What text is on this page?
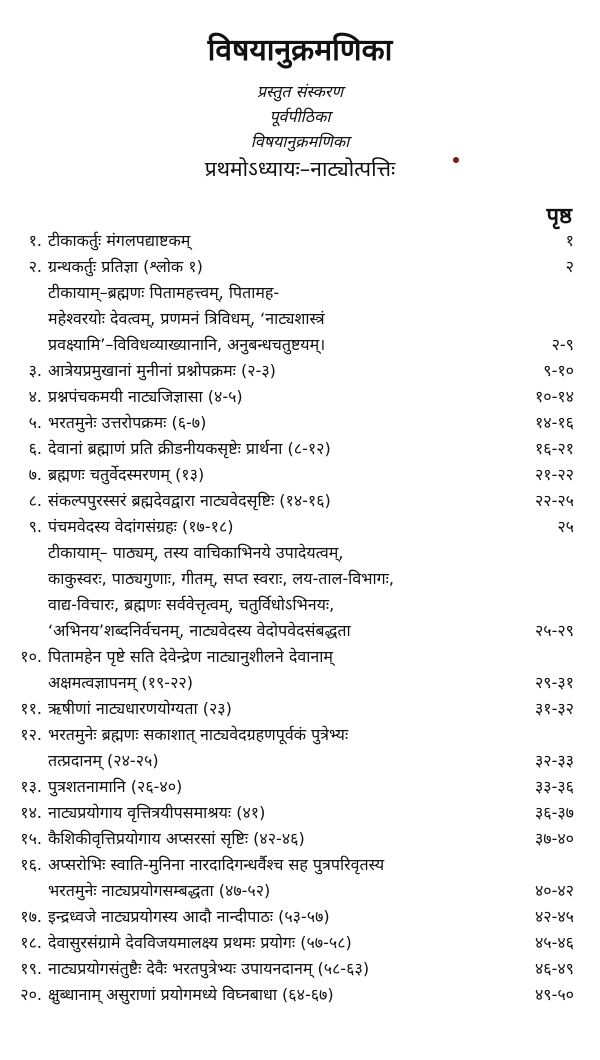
विषयानुक्रमणिका
प्रस्तुत संस्करण
पूर्वपीठिका
विषयानुक्रमणिका
प्रथमोऽध्यायः–नाट्योत्पत्तिः
पृष्ठ
१. टीकाकर्तुः मंगलपद्याष्टकम्	१
२. ग्रन्थकर्तुः प्रतिज्ञा (श्लोक १)	२
टीकायाम्–ब्रह्मणः पितामहत्त्वम्, पितामह-
महेश्वरयोः देवत्वम्, प्रणमनं त्रिविधम्, ‘नाट्यशास्त्रं
प्रवक्ष्यामि’–विविधव्याख्यानानि, अनुबन्धचतुष्टयम्।	२-९
३. आत्रेयप्रमुखानां मुनीनां प्रश्नोपक्रमः (२-३)	९-१०
४. प्रश्नपंचकमयी नाट्यजिज्ञासा (४-५)	१०-१४
५. भरतमुनेः उत्तरोपक्रमः (६-७)	१४-१६
६. देवानां ब्रह्माणं प्रति क्रीडनीयकसृष्टेः प्रार्थना (८-१२)	१६-२१
७. ब्रह्मणः चतुर्वेदस्मरणम् (१३)	२१-२२
८. संकल्पपुरस्सरं ब्रह्मदेवद्वारा नाट्यवेदसृष्टिः (१४-१६)	२२-२५
९. पंचमवेदस्य वेदांगसंग्रहः (१७-१८)	२५
टीकायाम्– पाठ्यम्, तस्य वाचिकाभिनये उपादेयत्वम्,
काकुस्वरः, पाठ्यगुणाः, गीतम्, सप्त स्वराः, लय-ताल-विभागः,
वाद्य-विचारः, ब्रह्मणः सर्ववेत्तृत्वम्, चतुर्विधोऽभिनयः,
‘अभिनय’शब्दनिर्वचनम्, नाट्यवेदस्य वेदोपवेदसंबद्धता	२५-२९
१०. पितामहेन पृष्टे सति देवेन्द्रेण नाट्यानुशीलने देवानाम्
अक्षमत्वज्ञापनम् (१९-२२)	२९-३१
११. ऋषीणां नाट्यधारणयोग्यता (२३)	३१-३२
१२. भरतमुनेः ब्रह्मणः सकाशात् नाट्यवेदग्रहणपूर्वकं पुत्रेभ्यः
तत्प्रदानम् (२४-२५)	३२-३३
१३. पुत्रशतनामानि (२६-४०)	३३-३६
१४. नाट्यप्रयोगाय वृत्तित्रयीपसमाश्रयः (४१)	३६-३७
१५. कैशिकीवृत्तिप्रयोगाय अप्सरसां सृष्टिः (४२-४६)	३७-४०
१६. अप्सरोभिः स्वाति-मुनिना नारदादिगन्धर्वैश्च सह पुत्रपरिवृतस्य
भरतमुनेः नाट्यप्रयोगसम्बद्धता (४७-५२)	४०-४२
१७. इन्द्रध्वजे नाट्यप्रयोगस्य आदौ नान्दीपाठः (५३-५७)	४२-४५
१८. देवासुरसंग्रामे देवविजयमालक्ष्य प्रथमः प्रयोगः (५७-५८)	४५-४६
१९. नाट्यप्रयोगसंतुष्टैः देवैः भरतपुत्रेभ्यः उपायनदानम् (५८-६३)	४६-४९
२०. क्षुब्धानाम् असुराणां प्रयोगमध्ये विघ्नबाधा (६४-६७)	४९-५०
